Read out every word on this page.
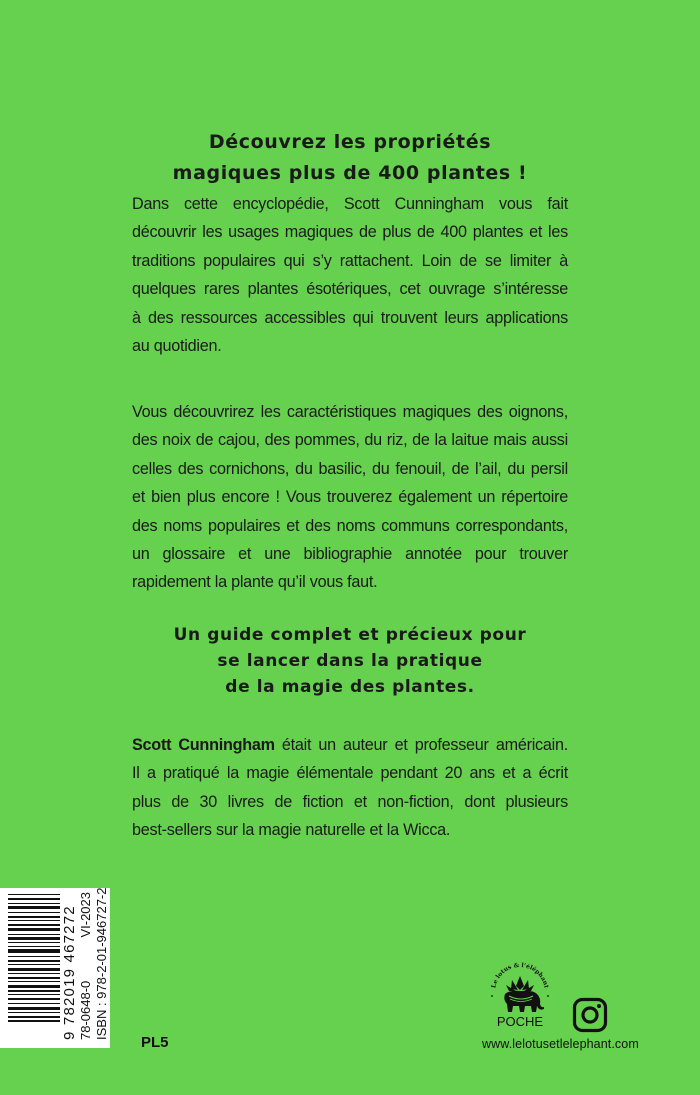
Découvrez les propriétés
magiques plus de 400 plantes !
Dans cette encyclopédie, Scott Cunningham vous fait
découvrir les usages magiques de plus de 400 plantes et les
traditions populaires qui s’y rattachent. Loin de se limiter à
quelques rares plantes ésotériques, cet ouvrage s’intéresse
à des ressources accessibles qui trouvent leurs applications
au quotidien.
Vous découvrirez les caractéristiques magiques des oignons,
des noix de cajou, des pommes, du riz, de la laitue mais aussi
celles des cornichons, du basilic, du fenouil, de l’ail, du persil
et bien plus encore ! Vous trouverez également un répertoire
des noms populaires et des noms communs correspondants,
un glossaire et une bibliographie annotée pour trouver
rapidement la plante qu’il vous faut.
Un guide complet et précieux pour
se lancer dans la pratique
de la magie des plantes.
Scott Cunningham était un auteur et professeur américain.
Il a pratiqué la magie élémentale pendant 20 ans et a écrit
plus de 30 livres de fiction et non-fiction, dont plusieurs
best-sellers sur la magie naturelle et la Wicca.
9 782019 467272 78-0648-0
VI-2023 ISBN : 978-2-01-946727-2
PL5
Le lotus & l’éléphant
POCHE
www.lelotusetlelephant.com
